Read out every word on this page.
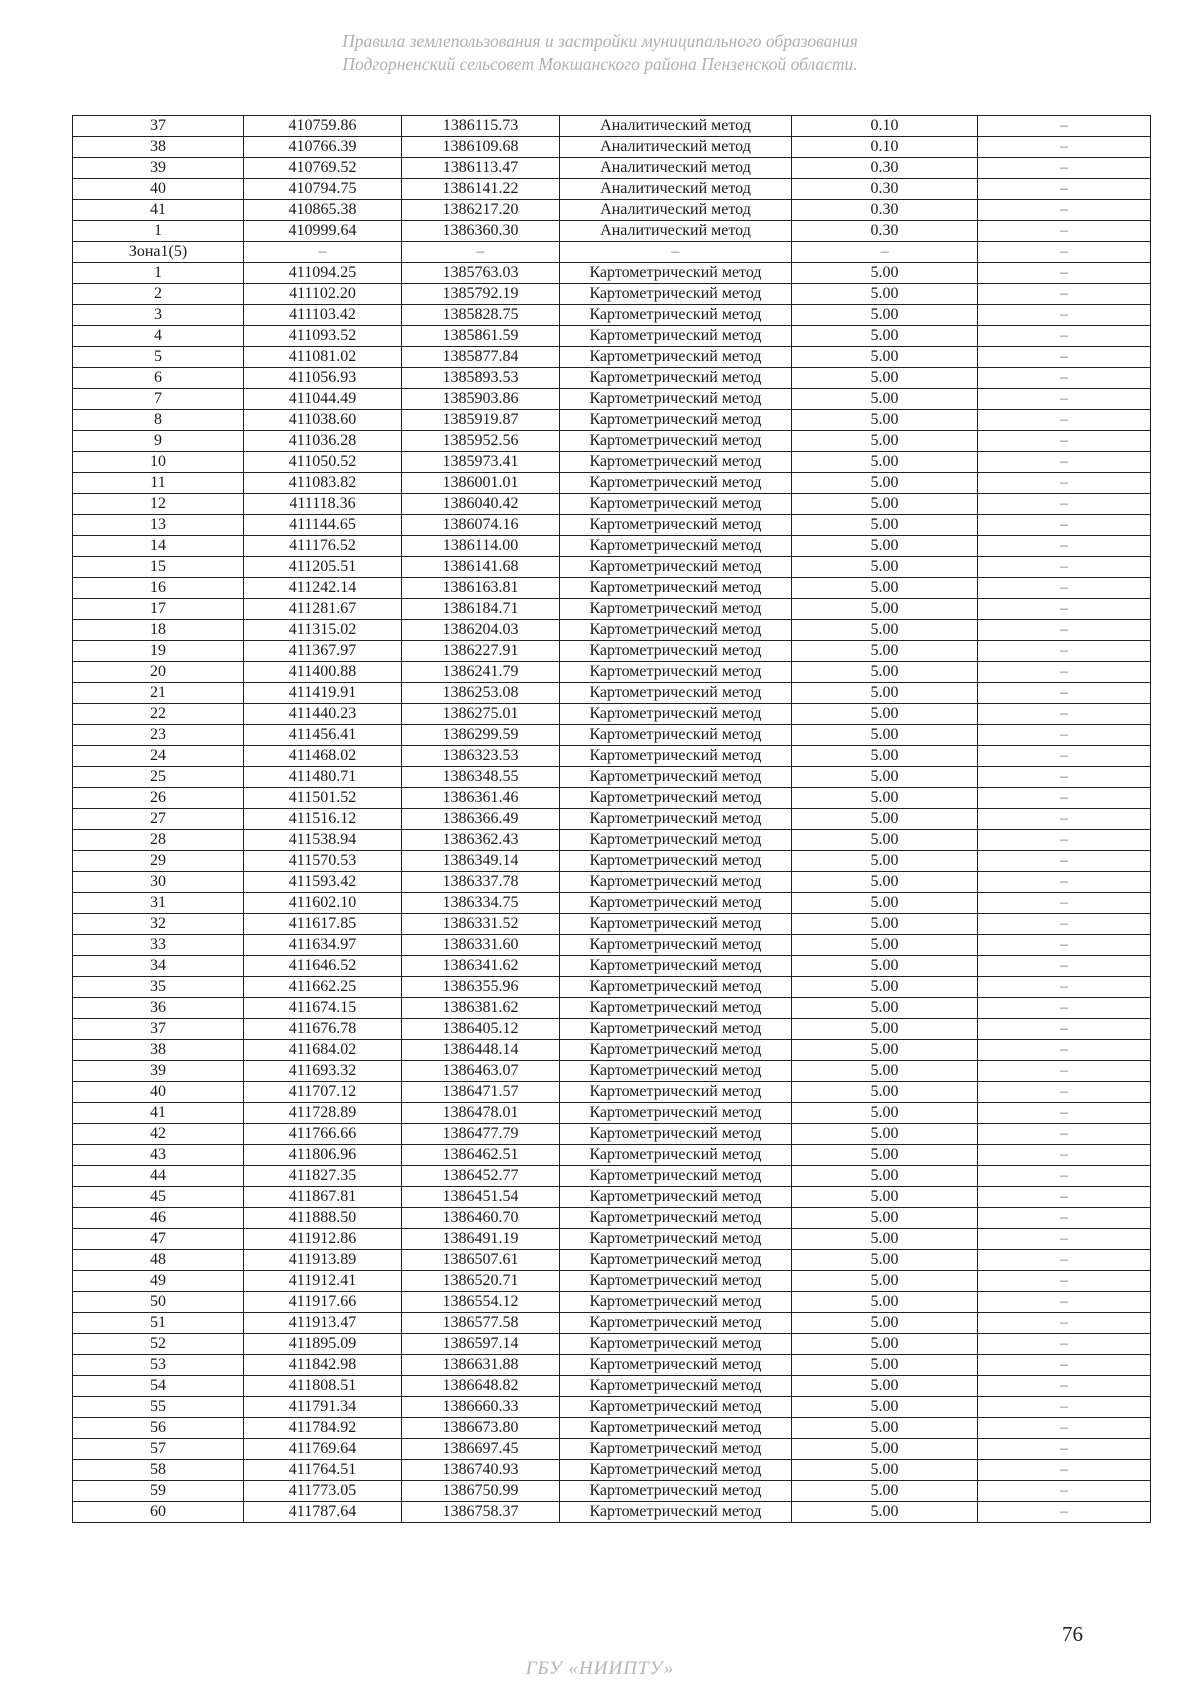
Правила землепользования и застройки муниципального образования
Подгорненский сельсовет Мокшанского района Пензенской области.
37	410759.86	1386115.73	Аналитический метод	0.10	–
38	410766.39	1386109.68	Аналитический метод	0.10	–
39	410769.52	1386113.47	Аналитический метод	0.30	–
40	410794.75	1386141.22	Аналитический метод	0.30	–
41	410865.38	1386217.20	Аналитический метод	0.30	–
1	410999.64	1386360.30	Аналитический метод	0.30	–
Зона1(5)	–	–	–	–	–
1	411094.25	1385763.03	Картометрический метод	5.00	–
2	411102.20	1385792.19	Картометрический метод	5.00	–
3	411103.42	1385828.75	Картометрический метод	5.00	–
4	411093.52	1385861.59	Картометрический метод	5.00	–
5	411081.02	1385877.84	Картометрический метод	5.00	–
6	411056.93	1385893.53	Картометрический метод	5.00	–
7	411044.49	1385903.86	Картометрический метод	5.00	–
8	411038.60	1385919.87	Картометрический метод	5.00	–
9	411036.28	1385952.56	Картометрический метод	5.00	–
10	411050.52	1385973.41	Картометрический метод	5.00	–
11	411083.82	1386001.01	Картометрический метод	5.00	–
12	411118.36	1386040.42	Картометрический метод	5.00	–
13	411144.65	1386074.16	Картометрический метод	5.00	–
14	411176.52	1386114.00	Картометрический метод	5.00	–
15	411205.51	1386141.68	Картометрический метод	5.00	–
16	411242.14	1386163.81	Картометрический метод	5.00	–
17	411281.67	1386184.71	Картометрический метод	5.00	–
18	411315.02	1386204.03	Картометрический метод	5.00	–
19	411367.97	1386227.91	Картометрический метод	5.00	–
20	411400.88	1386241.79	Картометрический метод	5.00	–
21	411419.91	1386253.08	Картометрический метод	5.00	–
22	411440.23	1386275.01	Картометрический метод	5.00	–
23	411456.41	1386299.59	Картометрический метод	5.00	–
24	411468.02	1386323.53	Картометрический метод	5.00	–
25	411480.71	1386348.55	Картометрический метод	5.00	–
26	411501.52	1386361.46	Картометрический метод	5.00	–
27	411516.12	1386366.49	Картометрический метод	5.00	–
28	411538.94	1386362.43	Картометрический метод	5.00	–
29	411570.53	1386349.14	Картометрический метод	5.00	–
30	411593.42	1386337.78	Картометрический метод	5.00	–
31	411602.10	1386334.75	Картометрический метод	5.00	–
32	411617.85	1386331.52	Картометрический метод	5.00	–
33	411634.97	1386331.60	Картометрический метод	5.00	–
34	411646.52	1386341.62	Картометрический метод	5.00	–
35	411662.25	1386355.96	Картометрический метод	5.00	–
36	411674.15	1386381.62	Картометрический метод	5.00	–
37	411676.78	1386405.12	Картометрический метод	5.00	–
38	411684.02	1386448.14	Картометрический метод	5.00	–
39	411693.32	1386463.07	Картометрический метод	5.00	–
40	411707.12	1386471.57	Картометрический метод	5.00	–
41	411728.89	1386478.01	Картометрический метод	5.00	–
42	411766.66	1386477.79	Картометрический метод	5.00	–
43	411806.96	1386462.51	Картометрический метод	5.00	–
44	411827.35	1386452.77	Картометрический метод	5.00	–
45	411867.81	1386451.54	Картометрический метод	5.00	–
46	411888.50	1386460.70	Картометрический метод	5.00	–
47	411912.86	1386491.19	Картометрический метод	5.00	–
48	411913.89	1386507.61	Картометрический метод	5.00	–
49	411912.41	1386520.71	Картометрический метод	5.00	–
50	411917.66	1386554.12	Картометрический метод	5.00	–
51	411913.47	1386577.58	Картометрический метод	5.00	–
52	411895.09	1386597.14	Картометрический метод	5.00	–
53	411842.98	1386631.88	Картометрический метод	5.00	–
54	411808.51	1386648.82	Картометрический метод	5.00	–
55	411791.34	1386660.33	Картометрический метод	5.00	–
56	411784.92	1386673.80	Картометрический метод	5.00	–
57	411769.64	1386697.45	Картометрический метод	5.00	–
58	411764.51	1386740.93	Картометрический метод	5.00	–
59	411773.05	1386750.99	Картометрический метод	5.00	–
60	411787.64	1386758.37	Картометрический метод	5.00	–
76
ГБУ «НИИПТУ»
